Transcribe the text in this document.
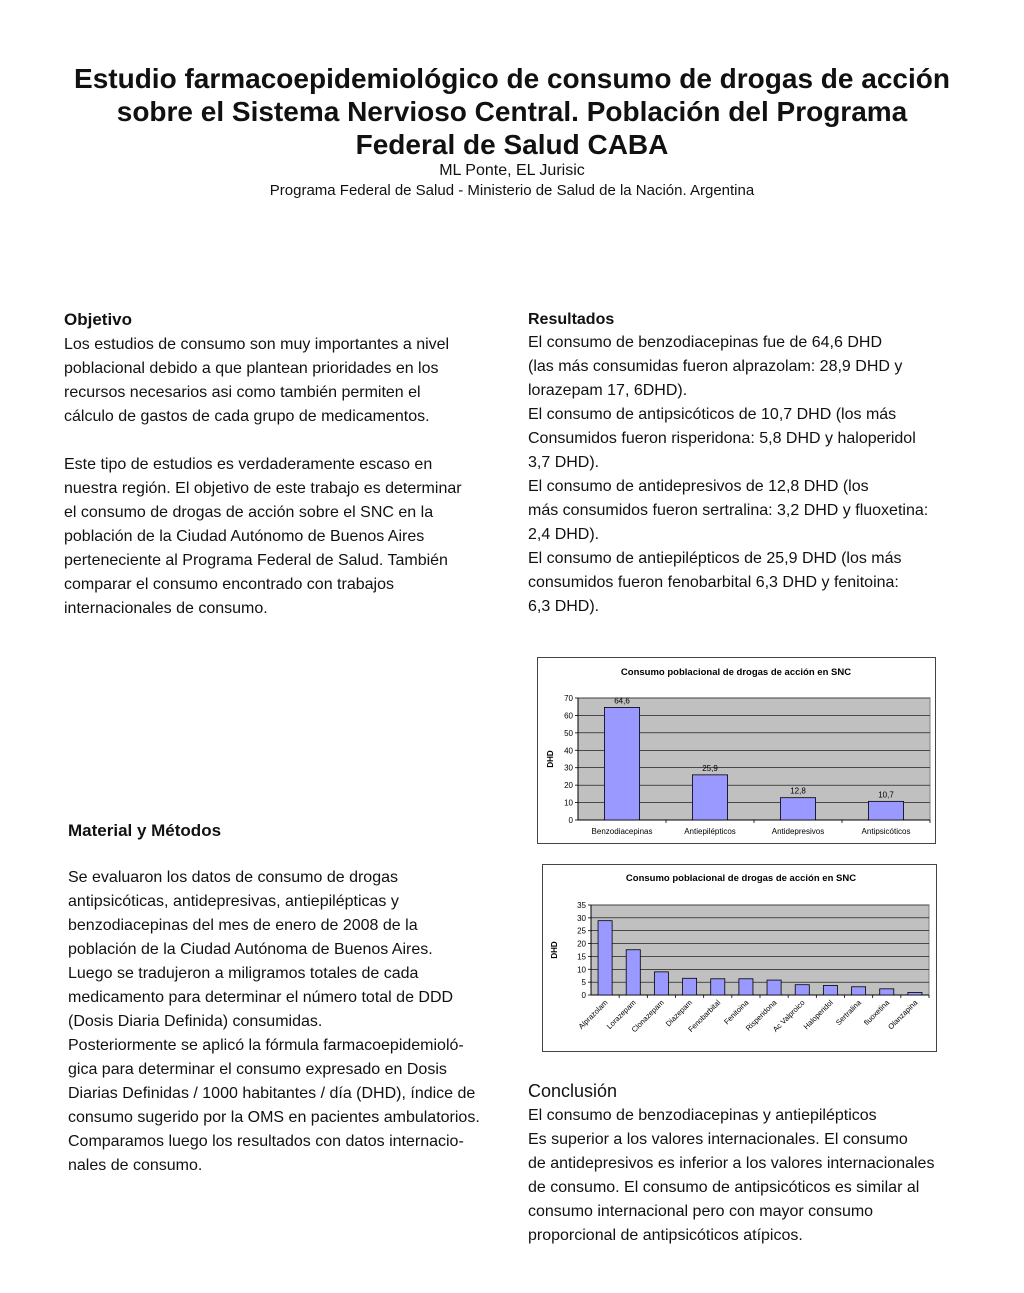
Estudio farmacoepidemiológico de consumo de drogas de acción
sobre el Sistema Nervioso Central. Población del Programa
Federal de Salud CABA
ML Ponte, EL Jurisic
Programa Federal de Salud - Ministerio de Salud de la Nación. Argentina
Objetivo

Los estudios de consumo son muy importantes a nivel

poblacional debido a que plantean prioridades en los

recursos necesarios asi como también permiten el

cálculo de gastos de cada grupo de medicamentos.

Este tipo de estudios es verdaderamente escaso en

nuestra región. El objetivo de este trabajo es determinar

el consumo de drogas de acción sobre el SNC en la

población de la Ciudad Autónomo de Buenos Aires

perteneciente al Programa Federal de Salud. También

comparar el consumo encontrado con trabajos

internacionales de consumo.

Resultados

El consumo de benzodiacepinas fue de 64,6 DHD

(las más consumidas fueron alprazolam: 28,9 DHD y

lorazepam 17, 6DHD).

El consumo de antipsicóticos de 10,7 DHD (los más

Consumidos fueron risperidona: 5,8 DHD y haloperidol

3,7 DHD).

El consumo de antidepresivos de 12,8 DHD (los

más consumidos fueron sertralina: 3,2 DHD y fluoxetina:

2,4 DHD).

El consumo de antiepilépticos de 25,9 DHD (los más

consumidos fueron fenobarbital 6,3 DHD y fenitoina:

6,3 DHD).

Material y Métodos

Se evaluaron los datos de consumo de drogas

antipsicóticas, antidepresivas, antiepilépticas y

benzodiacepinas del mes de enero de 2008 de la

población de la Ciudad Autónoma de Buenos Aires.

Luego se tradujeron a miligramos totales de cada

medicamento para determinar el número total de DDD

(Dosis Diaria Definida) consumidas.

Posteriormente se aplicó la fórmula farmacoepidemioló-

gica para determinar el consumo expresado en Dosis

Diarias Definidas / 1000 habitantes / día (DHD), índice de

consumo sugerido por la OMS en pacientes ambulatorios.

Comparamos luego los resultados con datos internacio-

nales de consumo.

Conclusión

El consumo de benzodiacepinas y antiepilépticos

Es superior a los valores internacionales. El consumo

de antidepresivos es inferior a los valores internacionales

de consumo. El consumo de antipsicóticos es similar al

consumo internacional pero con mayor consumo

proporcional de antipsicóticos atípicos.

Consumo poblacional de drogas de acción en SNC
0
10
20
30
40
50
60
70
DHD
64,6
Benzodiacepinas
25,9
Antiepilépticos
12,8
Antidepresivos
10,7
Antipsicóticos
Consumo poblacional de drogas de acción en SNC
0
5
10
15
20
25
30
35
DHD
Alprazolam
Lorazepam
Clonazepam
Diazepam
Fenobarbital Fenitoina
Risperidona
Ac Valproico
Haloperidol Sertralina fluoxetina
Olanzapina
